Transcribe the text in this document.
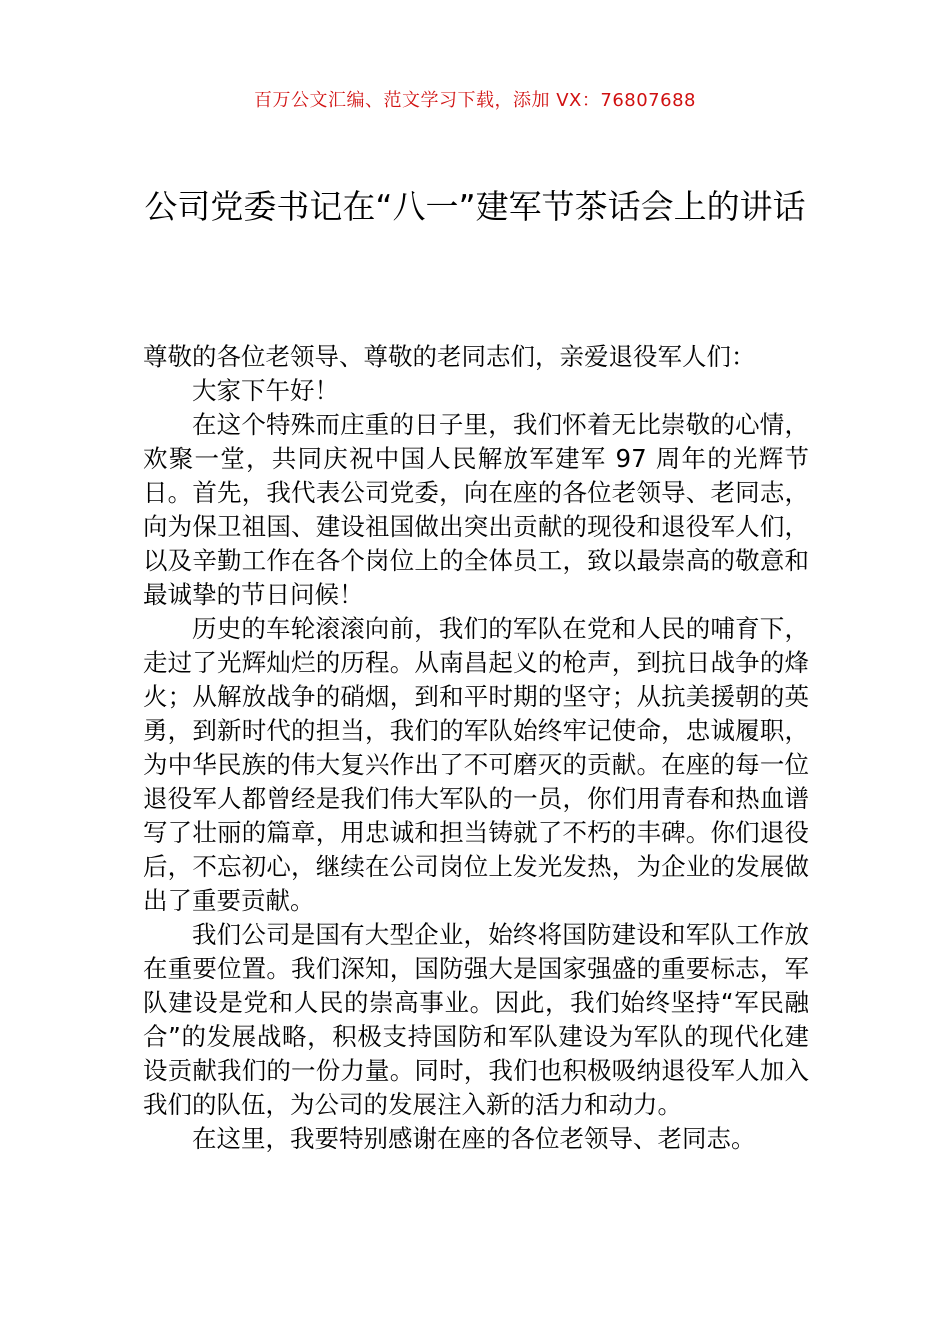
百万公文汇编、范文学习下载，添加 VX：76807688
公司党委书记在“八一”建军节茶话会上的讲话

尊敬的各位老领导、尊敬的老同志们，亲爱退役军人们：

大家下午好！

在这个特殊而庄重的日子里，我们怀着无比崇敬的心情，欢聚一堂，共同庆祝中国人民解放军建军 97 周年的光辉节日。首先，我代表公司党委，向在座的各位老领导、老同志，向为保卫祖国、建设祖国做出突出贡献的现役和退役军人们，以及辛勤工作在各个岗位上的全体员工，致以最崇高的敬意和最诚挚的节日问候！

历史的车轮滚滚向前，我们的军队在党和人民的哺育下，走过了光辉灿烂的历程。从南昌起义的枪声，到抗日战争的烽火；从解放战争的硝烟，到和平时期的坚守；从抗美援朝的英勇，到新时代的担当，我们的军队始终牢记使命，忠诚履职，为中华民族的伟大复兴作出了不可磨灭的贡献。在座的每一位退役军人都曾经是我们伟大军队的一员，你们用青春和热血谱写了壮丽的篇章，用忠诚和担当铸就了不朽的丰碑。你们退役后，不忘初心，继续在公司岗位上发光发热，为企业的发展做出了重要贡献。

我们公司是国有大型企业，始终将国防建设和军队工作放在重要位置。我们深知，国防强大是国家强盛的重要标志，军队建设是党和人民的崇高事业。因此，我们始终坚持“军民融合”的发展战略，积极支持国防和军队建设为军队的现代化建设贡献我们的一份力量。同时，我们也积极吸纳退役军人加入我们的队伍，为公司的发展注入新的活力和动力。

在这里，我要特别感谢在座的各位老领导、老同志。
